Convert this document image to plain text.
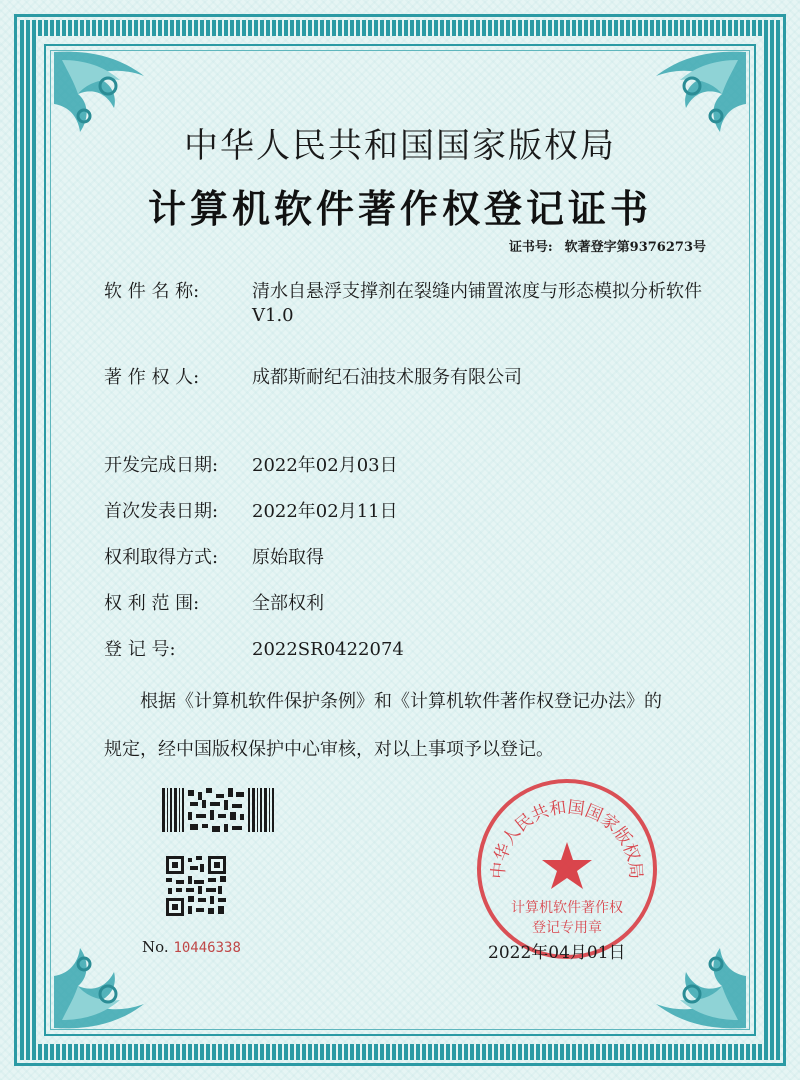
中华人民共和国国家版权局
计算机软件著作权登记证书
证书号: 软著登字第9376273号
软 件 名 称:	清水自悬浮支撑剂在裂缝内铺置浓度与形态模拟分析软件
V1.0
著 作 权 人:	成都斯耐纪石油技术服务有限公司
开发完成日期: 2022年02月03日
首次发表日期: 2022年02月11日
权利取得方式: 原始取得
权 利 范 围:	全部权利
登 记 号:	2022SR0422074
根据《计算机软件保护条例》和《计算机软件著作权登记办法》的
规定，经中国版权保护中心审核，对以上事项予以登记。
No. 10446338
中华人民共和国国家版权局
计算机软件著作权
登记专用章
2022年04月01日
